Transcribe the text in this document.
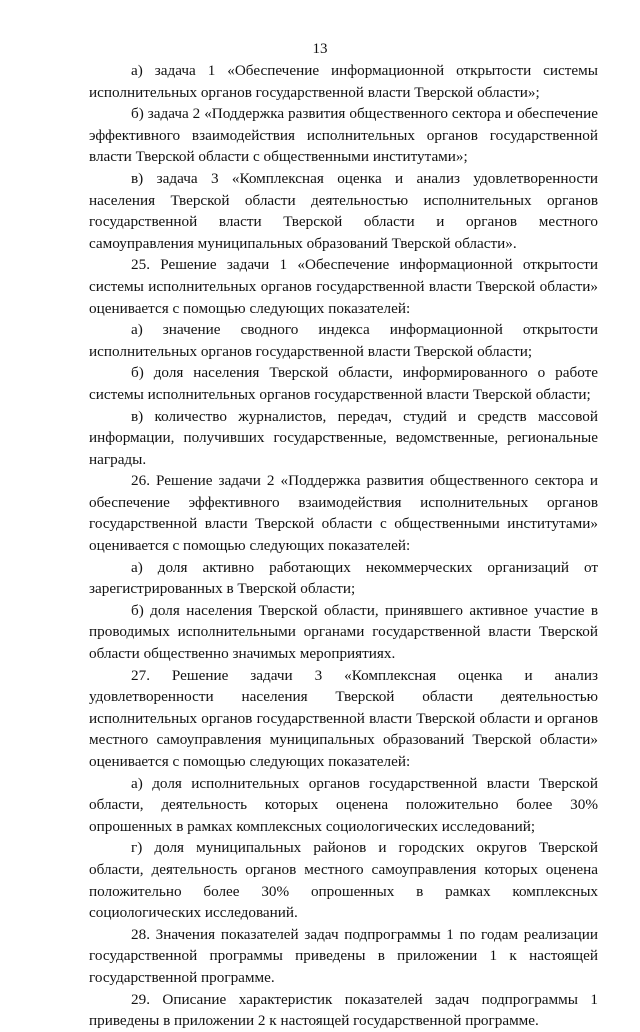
13

а) задача 1 «Обеспечение информационной открытости системы исполнительных органов государственной власти Тверской области»;

б) задача 2 «Поддержка развития общественного сектора и обеспечение эффективного взаимодействия исполнительных органов государственной власти Тверской области с общественными институтами»;

в) задача 3 «Комплексная оценка и анализ удовлетворенности населения Тверской области деятельностью исполнительных органов государственной власти Тверской области и органов местного самоуправления муниципальных образований Тверской области».

25. Решение задачи 1 «Обеспечение информационной открытости системы исполнительных органов государственной власти Тверской области» оценивается с помощью следующих показателей:

а) значение сводного индекса информационной открытости исполнительных органов государственной власти Тверской области;

б) доля населения Тверской области, информированного о работе системы исполнительных органов государственной власти Тверской области;

в) количество журналистов, передач, студий и средств массовой информации, получивших государственные, ведомственные, региональные награды.

26. Решение задачи 2 «Поддержка развития общественного сектора и обеспечение эффективного взаимодействия исполнительных органов государственной власти Тверской области с общественными институтами» оценивается с помощью следующих показателей:

а) доля активно работающих некоммерческих организаций от зарегистрированных в Тверской области;

б) доля населения Тверской области, принявшего активное участие в проводимых исполнительными органами государственной власти Тверской области общественно значимых мероприятиях.

27. Решение задачи 3 «Комплексная оценка и анализ удовлетворенности населения Тверской области деятельностью исполнительных органов государственной власти Тверской области и органов местного самоуправления муниципальных образований Тверской области» оценивается с помощью следующих показателей:

а) доля исполнительных органов государственной власти Тверской области, деятельность которых оценена положительно более 30% опрошенных в рамках комплексных социологических исследований;

г) доля муниципальных районов и городских округов Тверской области, деятельность органов местного самоуправления которых оценена положительно более 30% опрошенных в рамках комплексных социологических исследований.

28. Значения показателей задач подпрограммы 1 по годам реализации государственной программы приведены в приложении 1 к настоящей государственной программе.

29. Описание характеристик показателей задач подпрограммы 1 приведены в приложении 2 к настоящей государственной программе.
